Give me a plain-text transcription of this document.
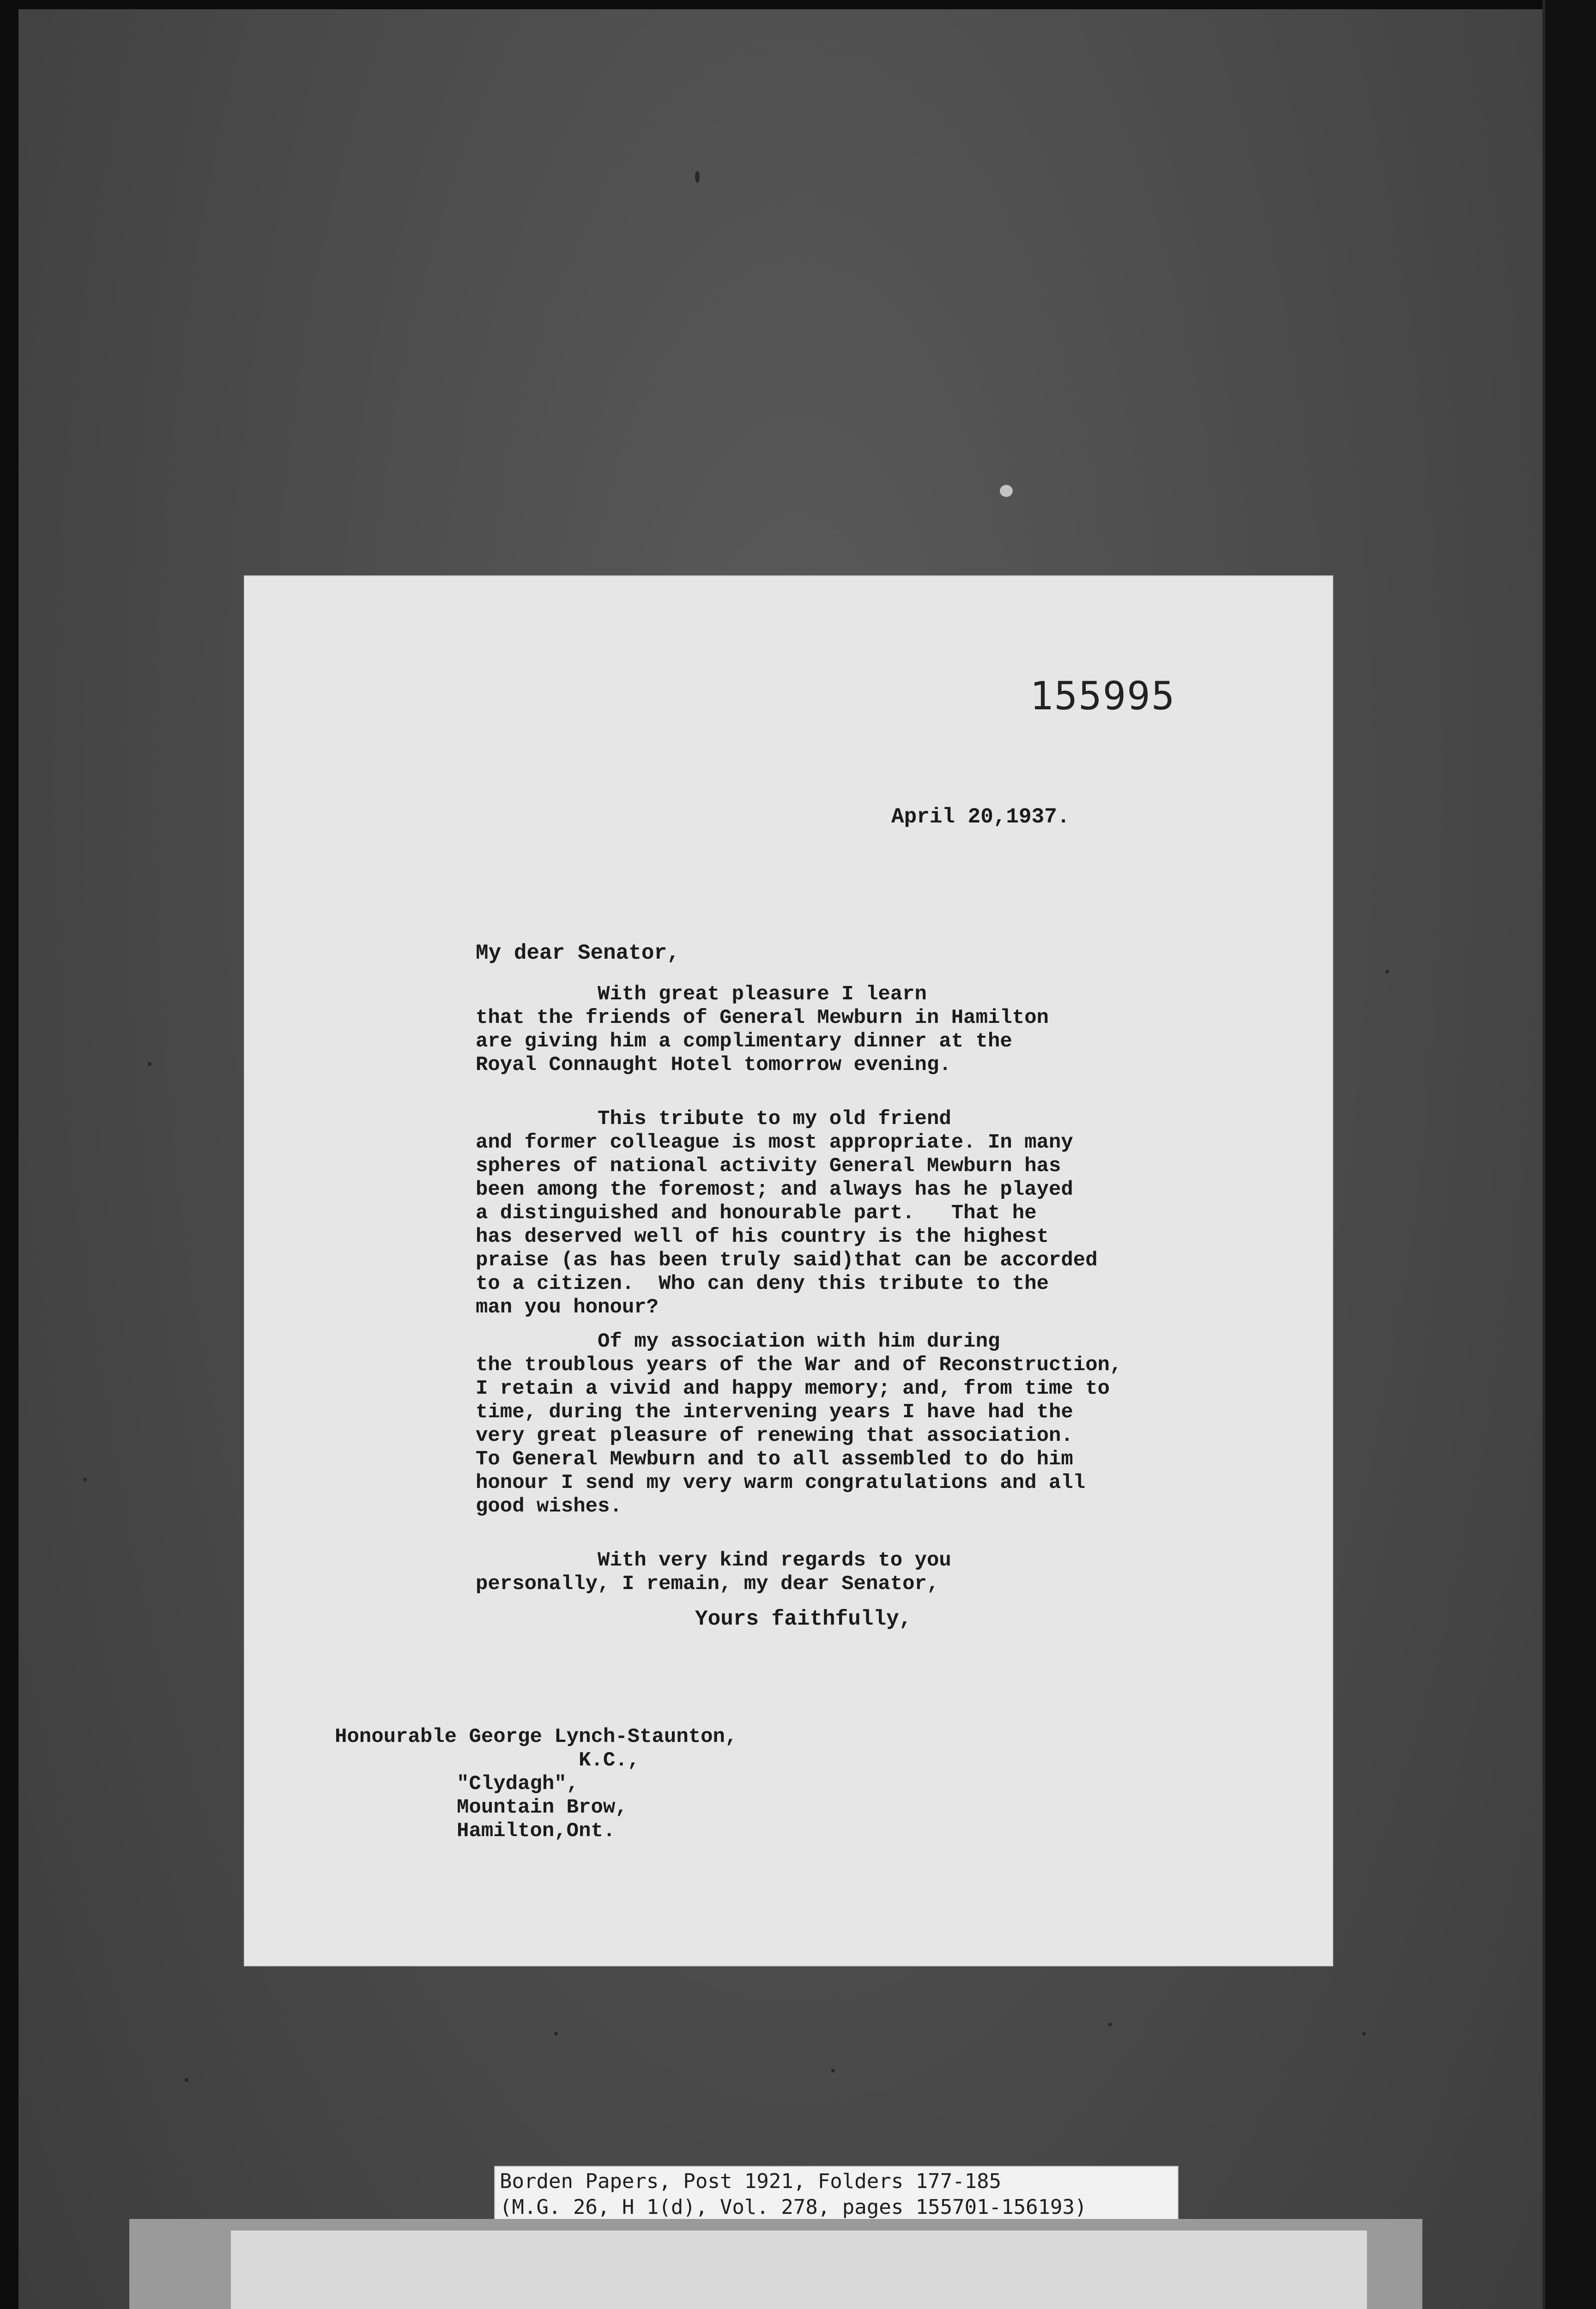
155995
April 20,1937.
My dear Senator,
With great pleasure I learn
that the friends of General Mewburn in Hamilton
are giving him a complimentary dinner at the
Royal Connaught Hotel tomorrow evening.
This tribute to my old friend
and former colleague is most appropriate. In many
spheres of national activity General Mewburn has
been among the foremost; and always has he played
a distinguished and honourable part.   That he
has deserved well of his country is the highest
praise (as has been truly said)that can be accorded
to a citizen.  Who can deny this tribute to the
man you honour?
Of my association with him during
the troublous years of the War and of Reconstruction,
I retain a vivid and happy memory; and, from time to
time, during the intervening years I have had the
very great pleasure of renewing that association.
To General Mewburn and to all assembled to do him
honour I send my very warm congratulations and all
good wishes.
With very kind regards to you
personally, I remain, my dear Senator,
Yours faithfully,
Honourable George Lynch-Staunton,
K.C.,
"Clydagh",
Mountain Brow,
Hamilton,Ont.
Borden Papers, Post 1921, Folders 177-185
(M.G. 26, H 1(d), Vol. 278, pages 155701-156193)
